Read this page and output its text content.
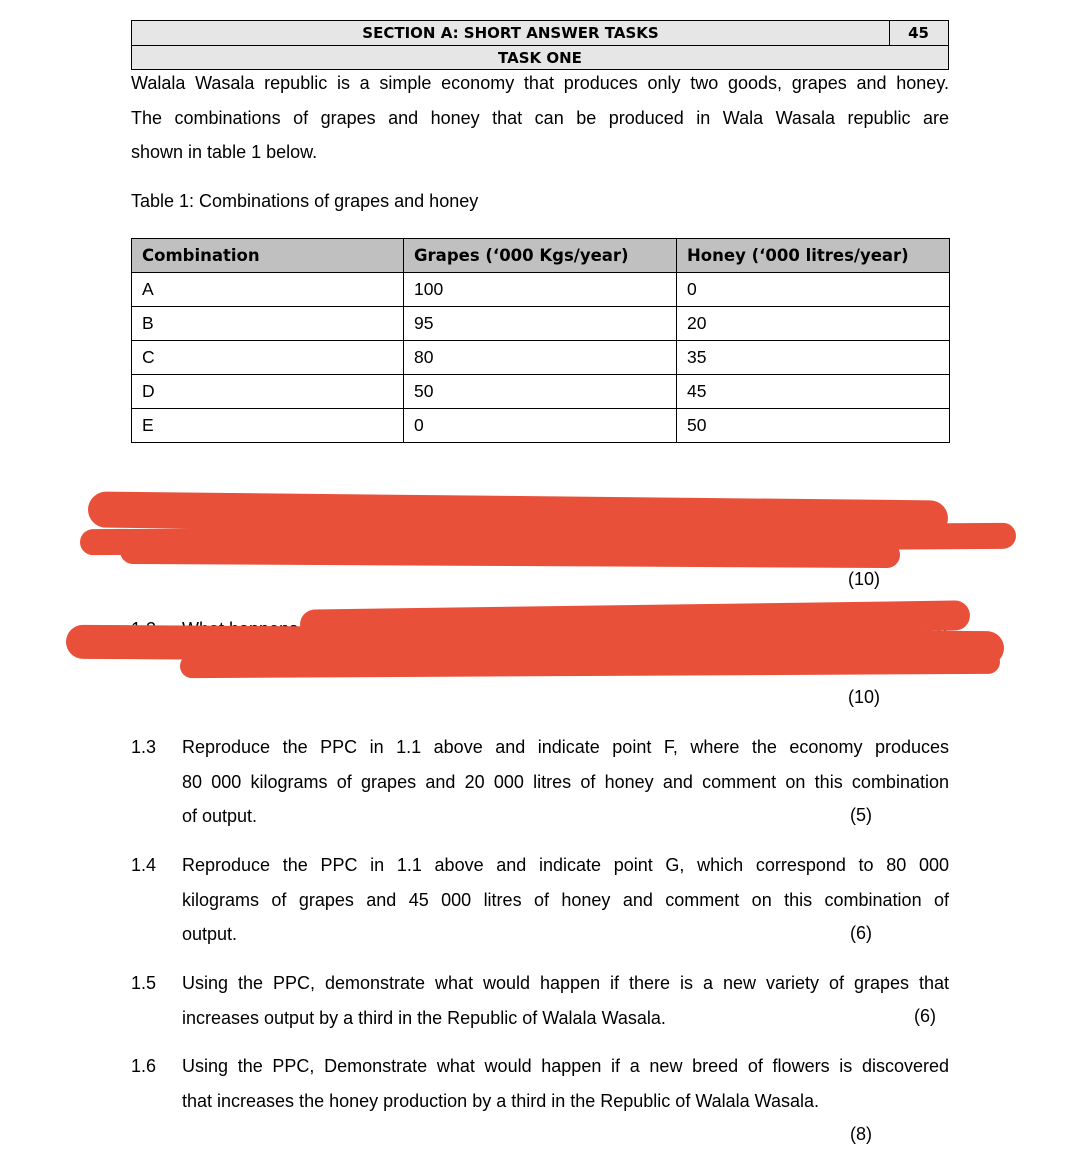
SECTION A: SHORT ANSWER TASKS	45
TASK ONE
Walala Wasala republic is a simple economy that produces only two goods, grapes and honey.
The combinations of grapes and honey that can be produced in Wala Wasala republic are
shown in table 1 below.
Table 1: Combinations of grapes and honey
Combination	Grapes (‘000 Kgs/year)	Honey (‘000 litres/year)
A	100	0
B	95	20
C	80	35
D	50	45
E	0	50
(10)
(10)
1.3	Reproduce the PPC in 1.1 above and indicate point F, where the economy produces
80 000 kilograms of grapes and 20 000 litres of honey and comment on this combination
of output.	(5)
1.4	Reproduce the PPC in 1.1 above and indicate point G, which correspond to 80 000
kilograms of grapes and 45 000 litres of honey and comment on this combination of
output.	(6)
1.5	Using the PPC, demonstrate what would happen if there is a new variety of grapes that
increases output by a third in the Republic of Walala Wasala.	(6)
1.6	Using the PPC, Demonstrate what would happen if a new breed of flowers is discovered
that increases the honey production by a third in the Republic of Walala Wasala.
(8)
